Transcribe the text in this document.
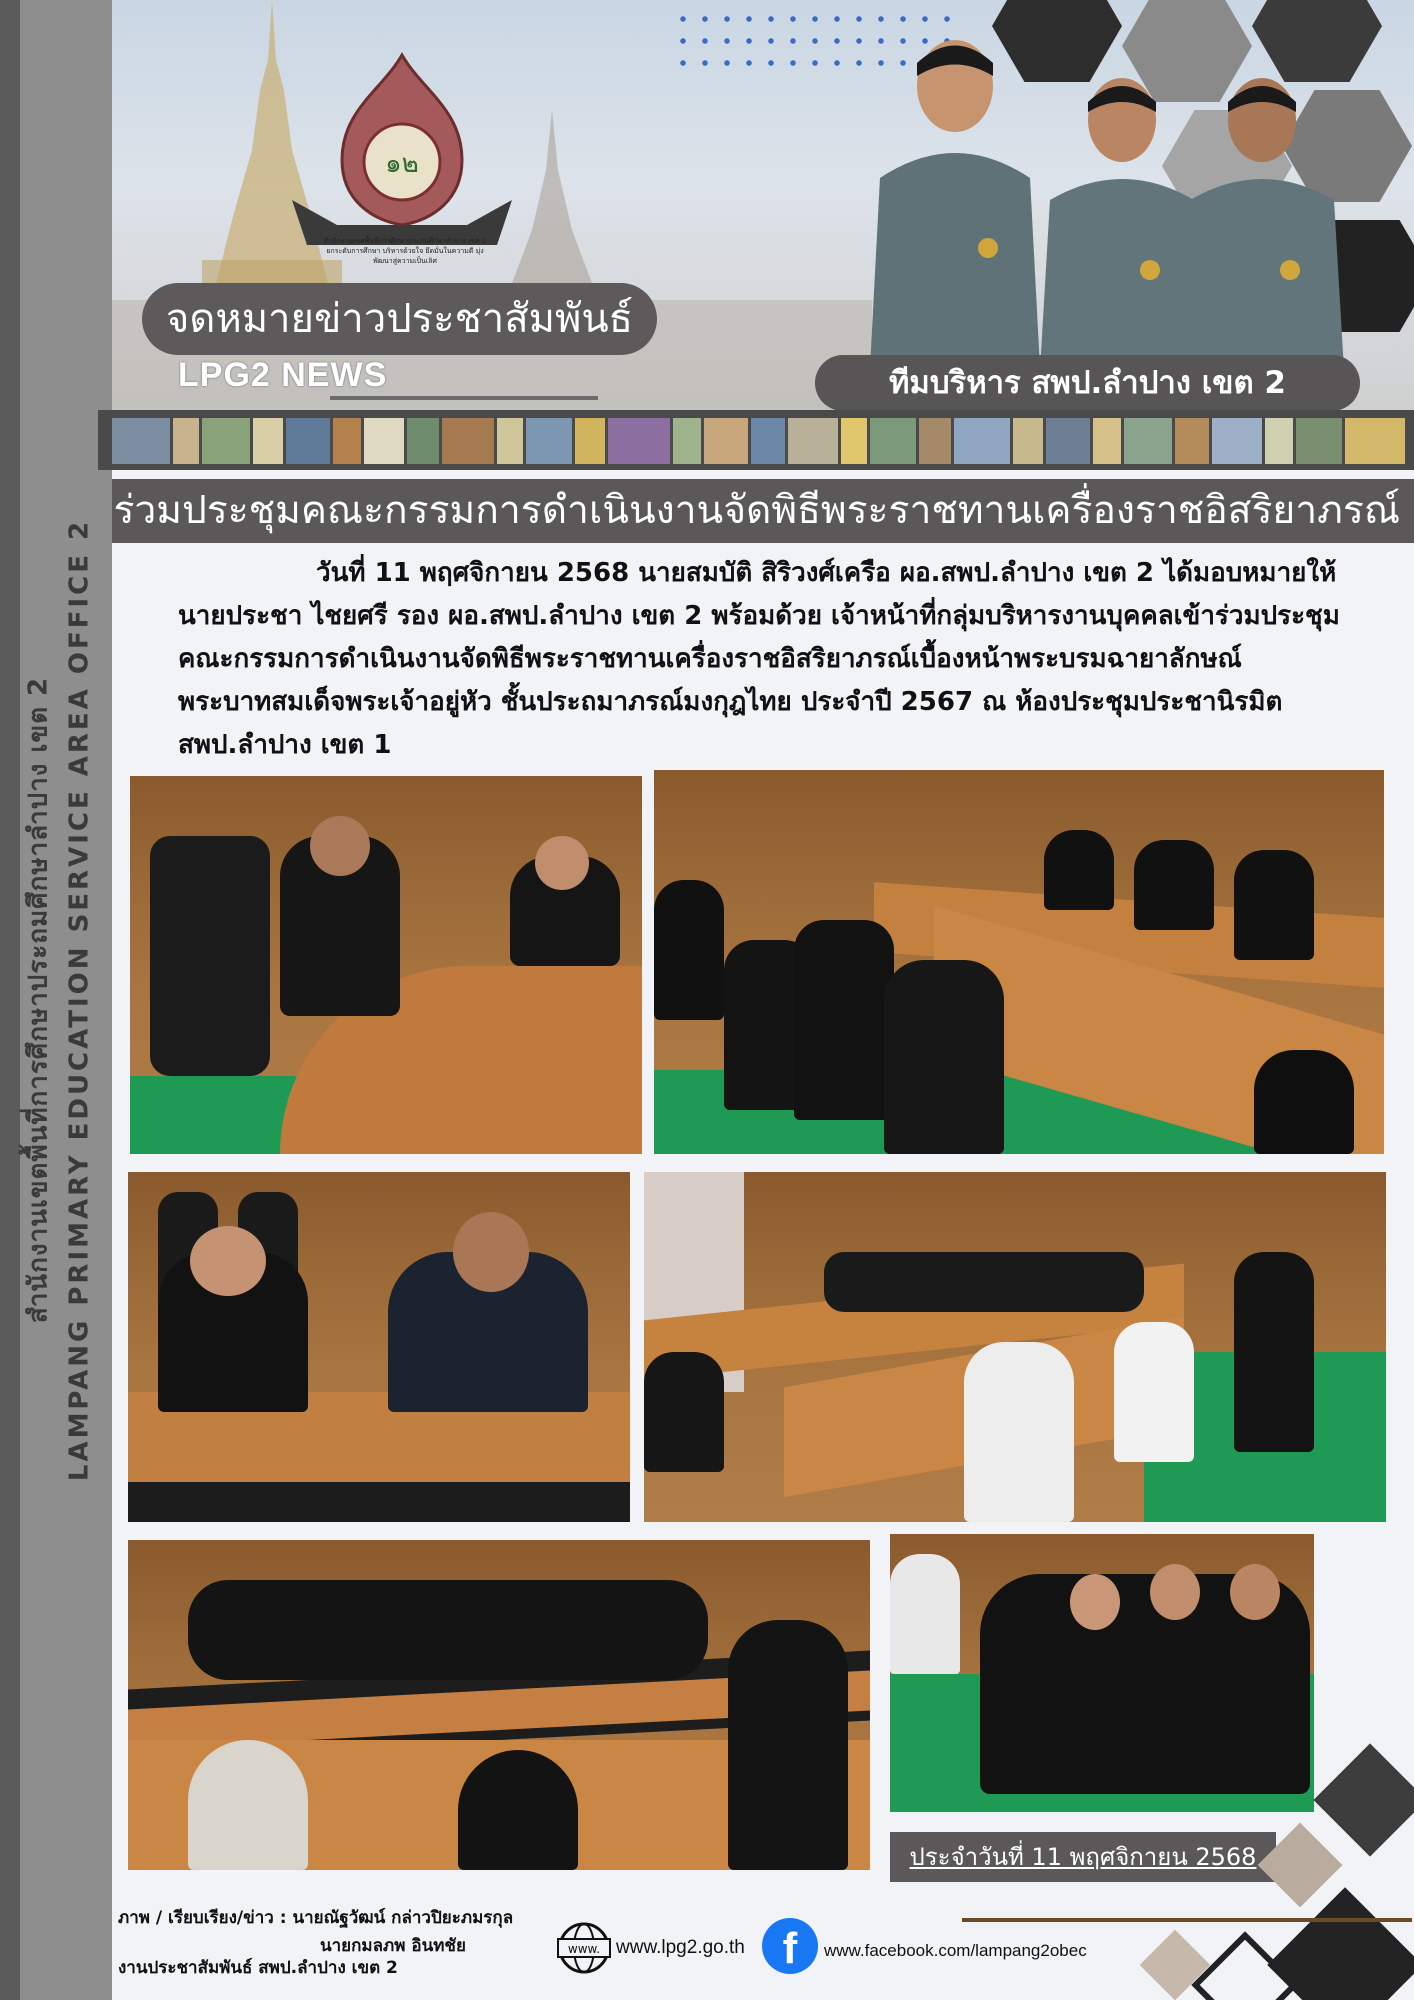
สำนักงานเขตพื้นที่การศึกษาประถมศึกษาลำปาง เขต 2 LAMPANG PRIMARY EDUCATION SERVICE AREA OFFICE 2
๑๒
สำนักงานเขตพื้นที่การศึกษาประถมศึกษาลำปาง เขต 2
ยกระดับการศึกษา บริหารด้วยใจ ยึดมั่นในความดี มุ่งพัฒนาสู่ความเป็นเลิศ
จดหมายข่าวประชาสัมพันธ์
LPG2 NEWS	ทีมบริหาร สพป.ลำปาง เขต 2
ร่วมประชุมคณะกรรมการดำเนินงานจัดพิธีพระราชทานเครื่องราชอิสริยาภรณ์
วันที่ 11 พฤศจิกายน 2568 นายสมบัติ สิริวงศ์เครือ ผอ.สพป.ลำปาง เขต 2 ได้มอบหมายให้
นายประชา ไชยศรี รอง ผอ.สพป.ลำปาง เขต 2 พร้อมด้วย เจ้าหน้าที่กลุ่มบริหารงานบุคคลเข้าร่วมประชุม
คณะกรรมการดำเนินงานจัดพิธีพระราชทานเครื่องราชอิสริยาภรณ์เบื้องหน้าพระบรมฉายาลักษณ์
พระบาทสมเด็จพระเจ้าอยู่หัว ชั้นประถมาภรณ์มงกุฎไทย ประจำปี 2567 ณ ห้องประชุมประชานิรมิต
สพป.ลำปาง เขต 1
ประจำวันที่ 11 พฤศจิกายน 2568
ภาพ / เรียบเรียง/ข่าว : นายณัฐวัฒน์ กล่าวปิยะภมรกุล
นายกมลภพ อินทชัย
งานประชาสัมพันธ์ สพป.ลำปาง เขต 2
www. www.lpg2.go.th f	www.facebook.com/lampang2obec
